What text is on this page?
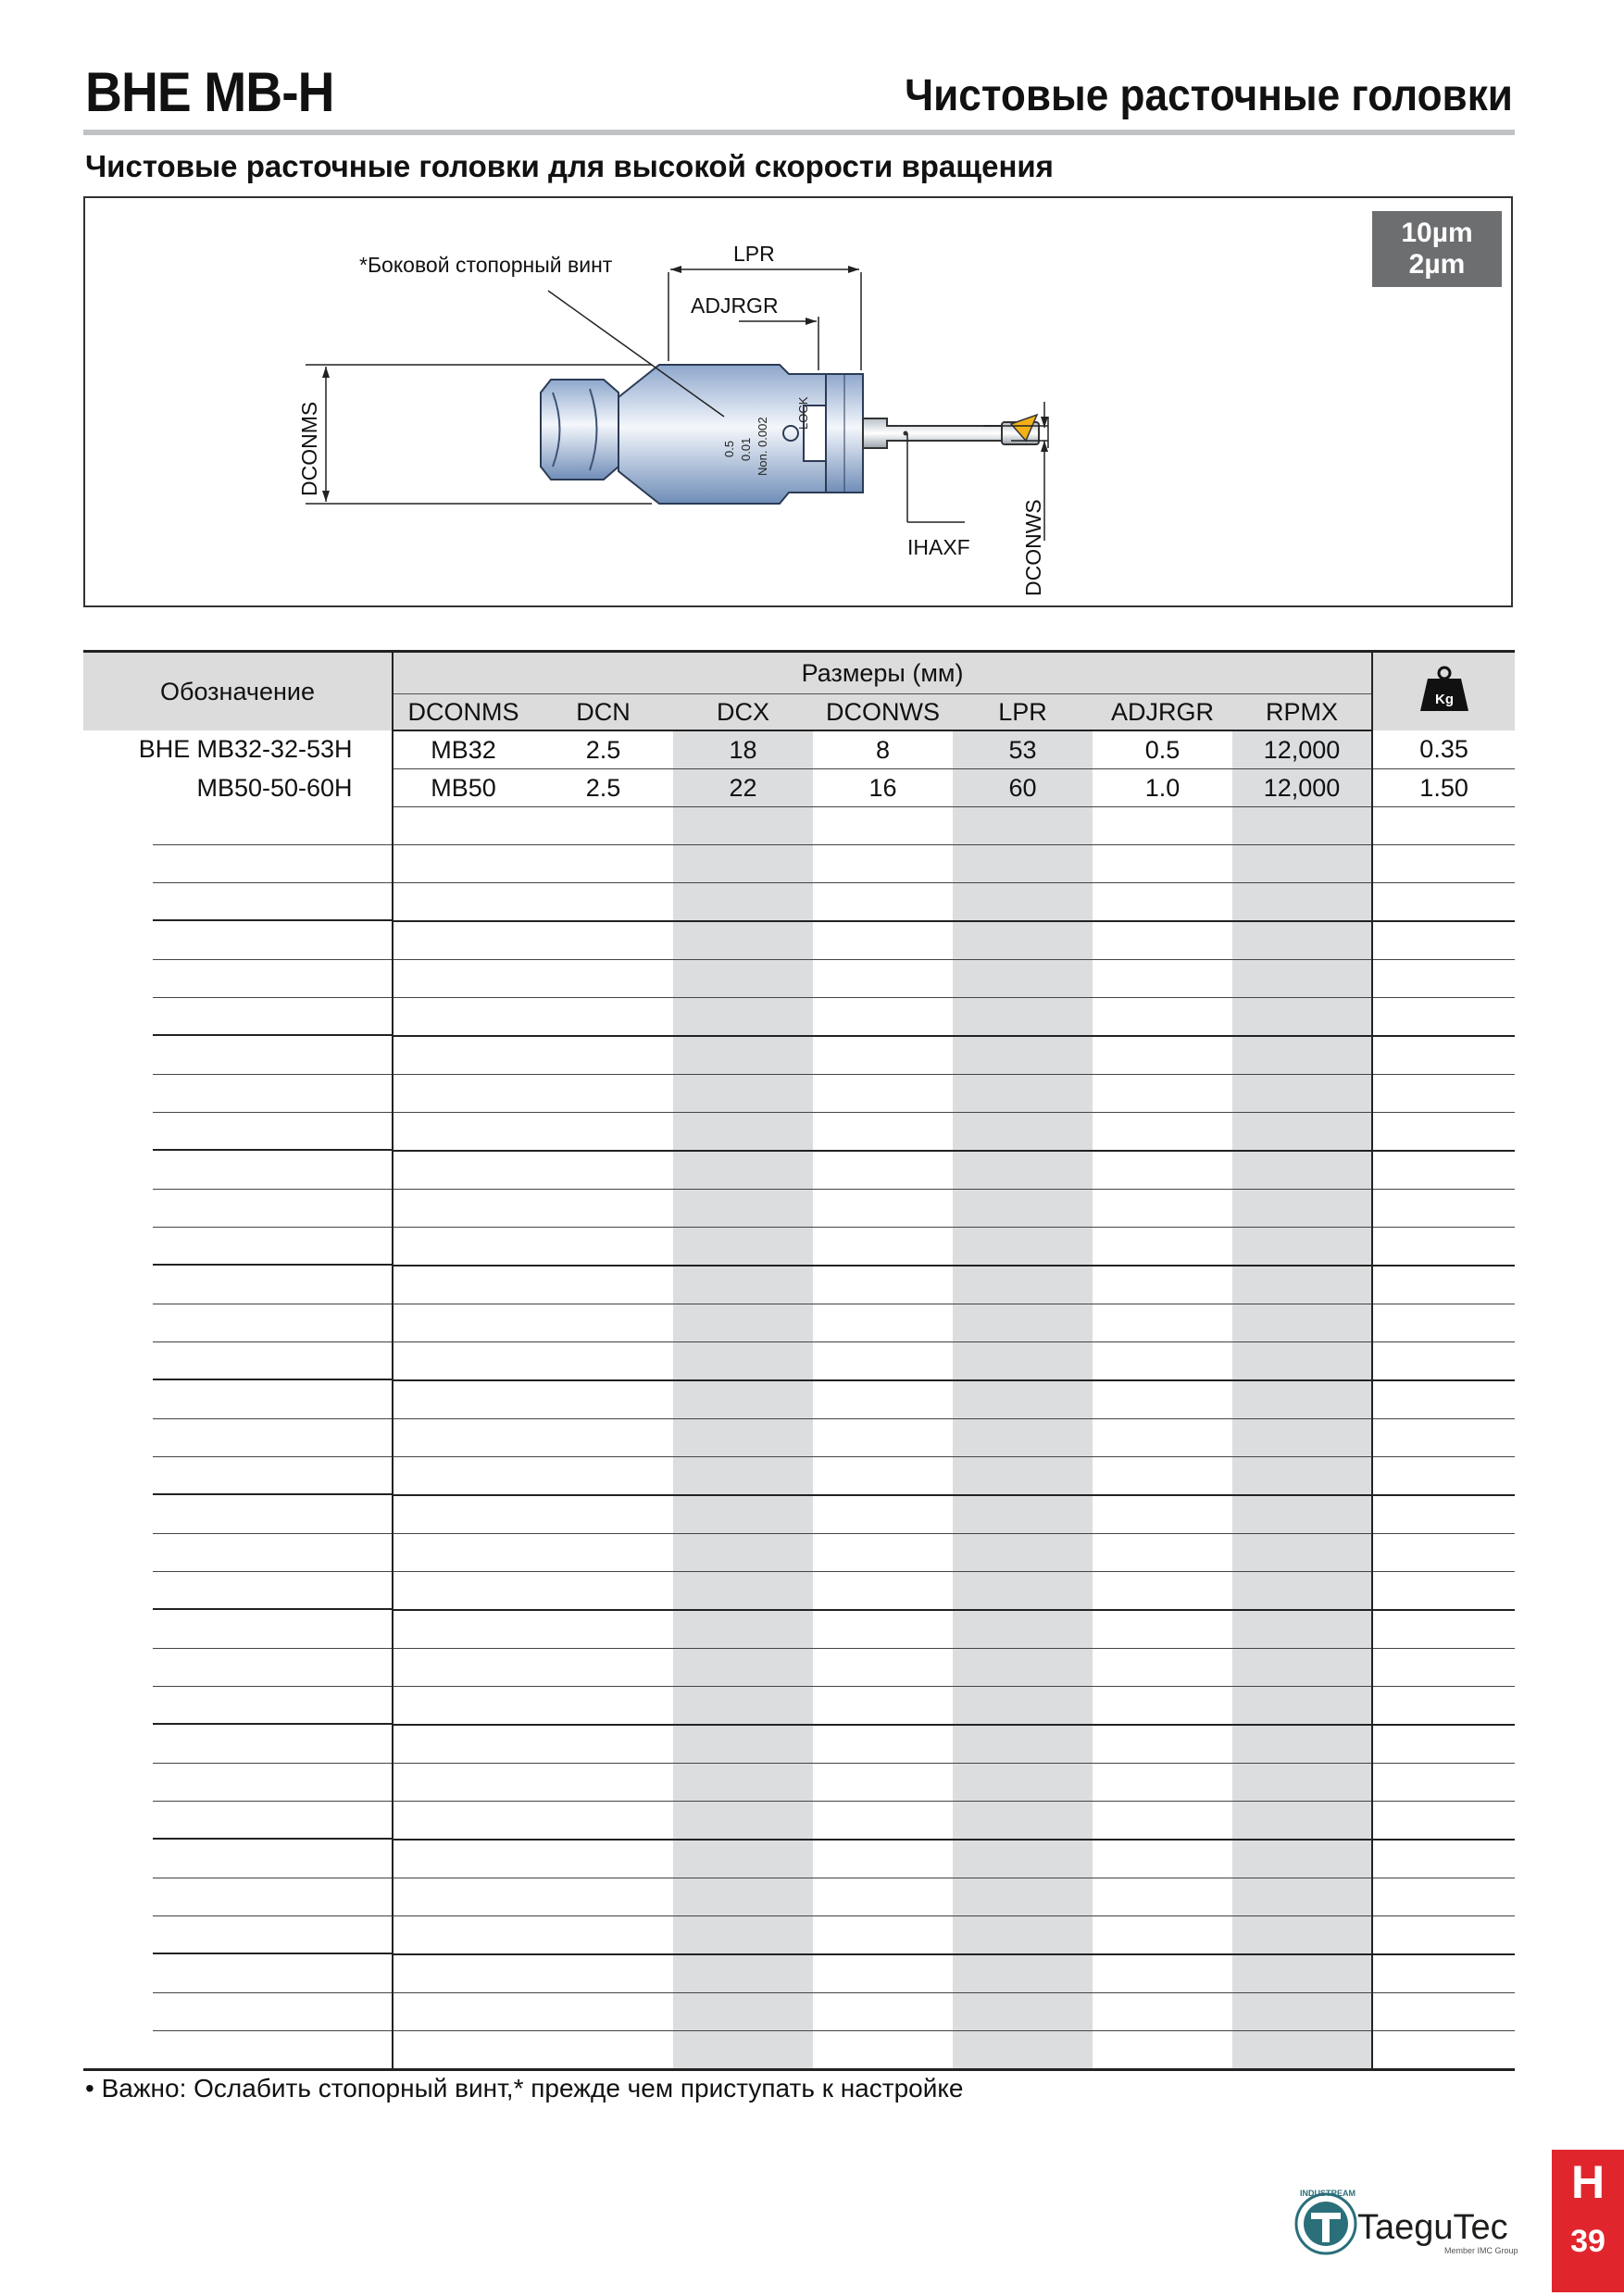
BHE MB-H	Чистовые расточные головки
Чистовые расточные головки для высокой скорости вращения
0.5 0.01 Non. 0.002
LOCK
*Боковой стопорный винт	LPR
ADJRGR
DCONMS
IHAXF DCONWS
10µm
2µm
Обозначение	Размеры (мм)							Kg

	DCONMS	DCN	DCX	DCONWS	LPR	ADJRGR	RPMX	
BHE MB32-32-53H	MB32	2.5	18	8	53	0.5	12,000	0.35
MB50-50-60H	MB50	2.5	22	16	60	1.0	12,000	1.50

• Важно: Ослабить стопорный винт,* прежде чем приступать к настройке
INDUSTREAM
TaeguTec
Member IMC Group
H
39
